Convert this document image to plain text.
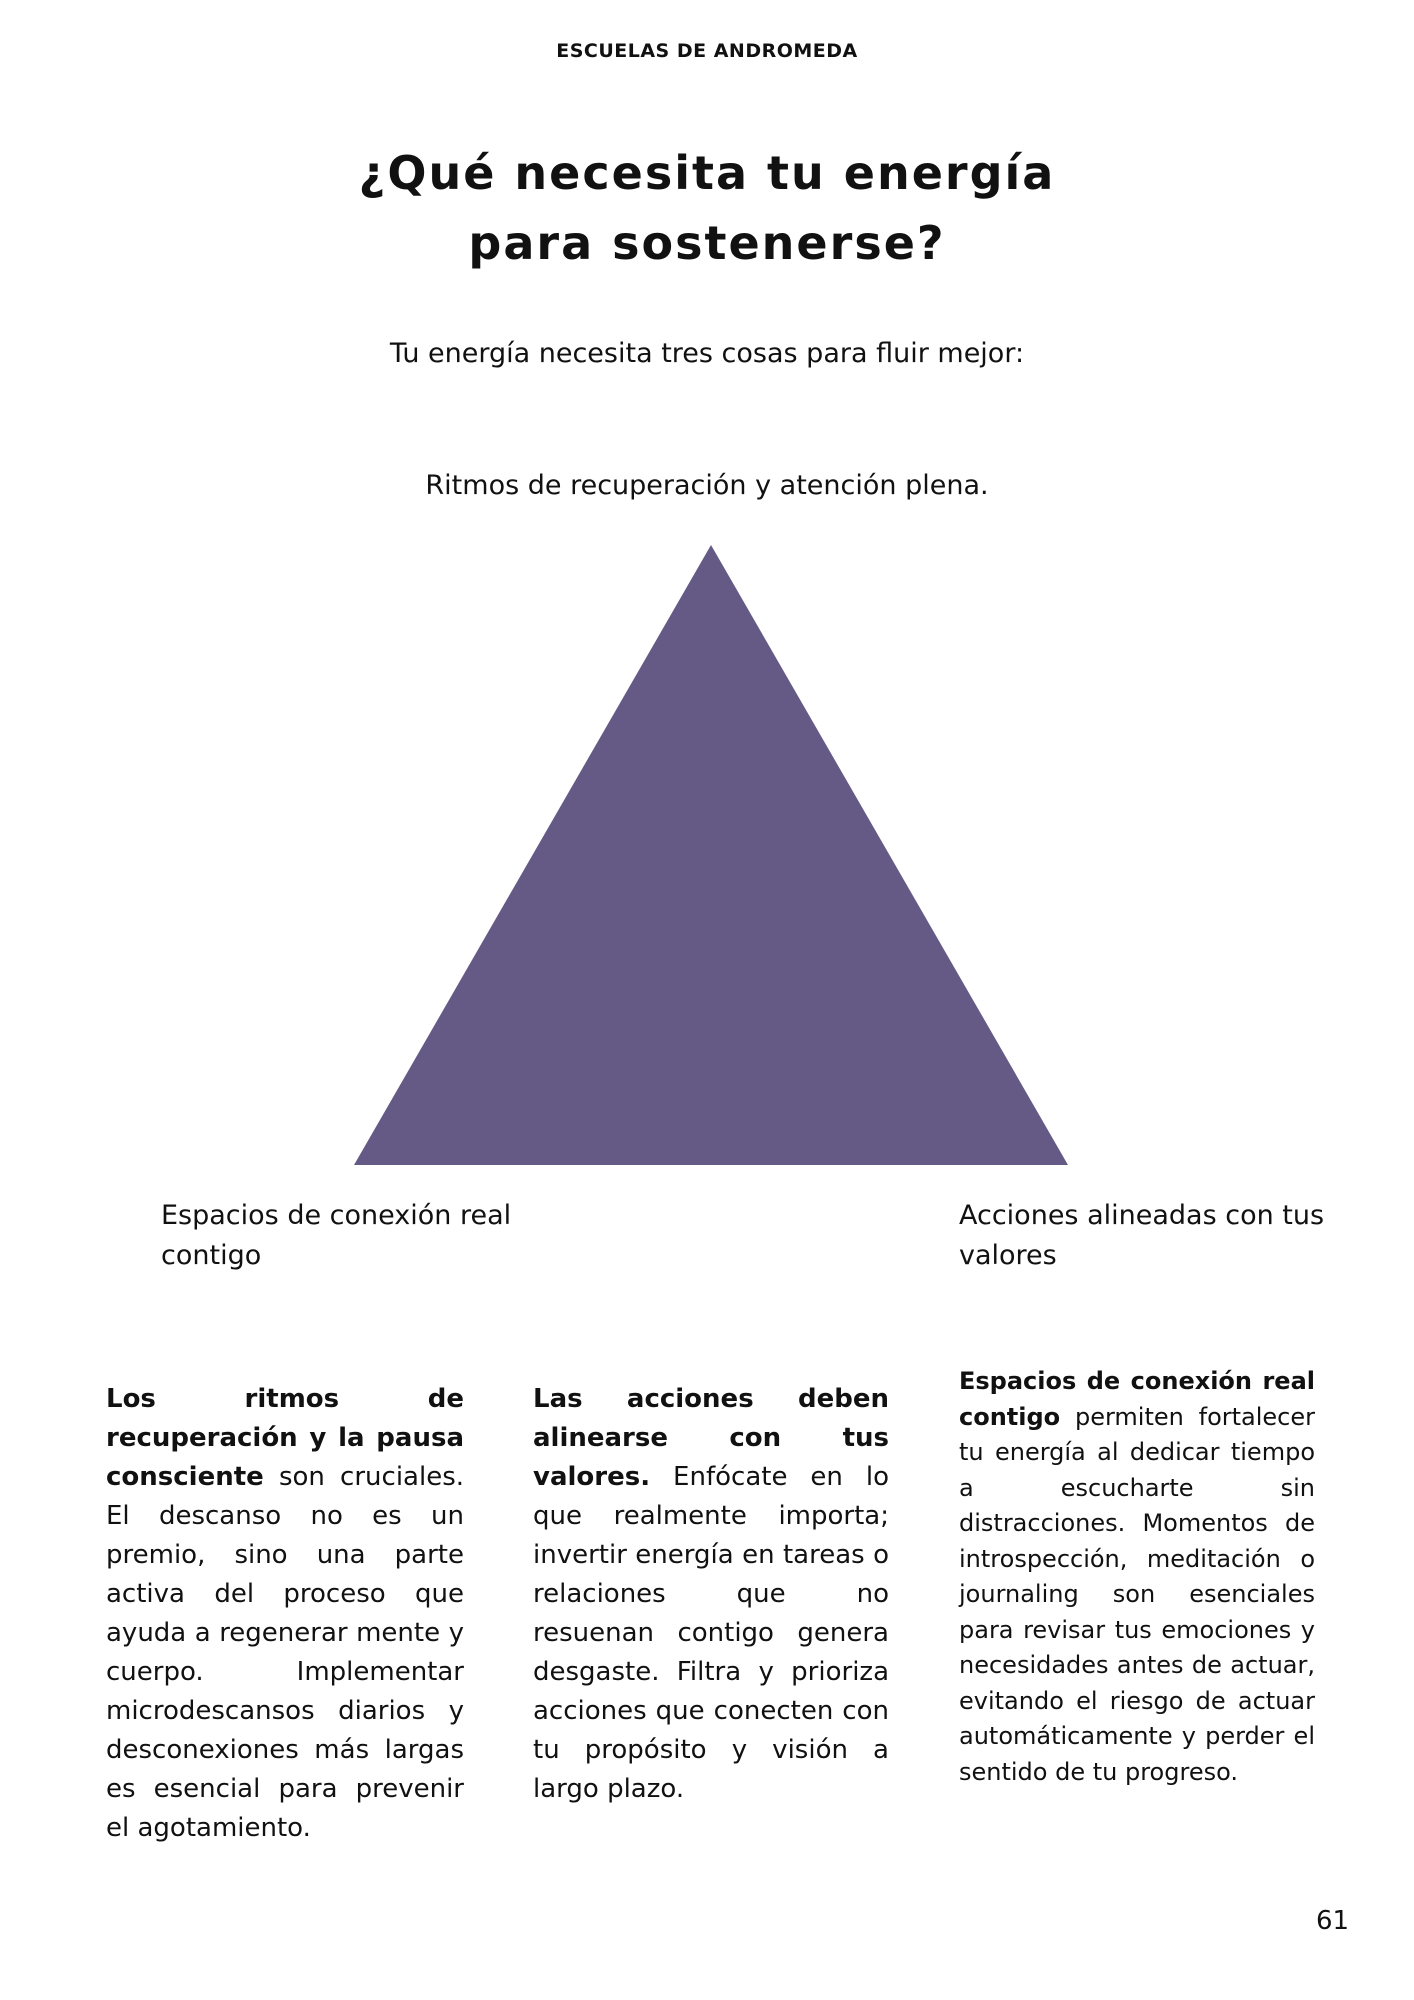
ESCUELAS DE ANDROMEDA
¿Qué necesita tu energía
para sostenerse?
Tu energía necesita tres cosas para fluir mejor:
Ritmos de recuperación y atención plena.
Espacios de conexión real contigo
Acciones alineadas con tus valores
Los ritmos de recuperación y la pausa consciente son cruciales. El descanso no es un premio, sino una parte activa del proceso que ayuda a regenerar mente y cuerpo. Implementar microdescansos diarios y desconexiones más largas es esencial para prevenir el agotamiento.
Las acciones deben alinearse con tus valores. Enfócate en lo que realmente importa; invertir energía en tareas o relaciones que no resuenan contigo genera desgaste. Filtra y prioriza acciones que conecten con tu propósito y visión a largo plazo.
Espacios de conexión real contigo permiten fortalecer tu energía al dedicar tiempo a escucharte sin distracciones. Momentos de introspección, meditación o journaling son esenciales para revisar tus emociones y necesidades antes de actuar, evitando el riesgo de actuar automáticamente y perder el sentido de tu progreso.
61
